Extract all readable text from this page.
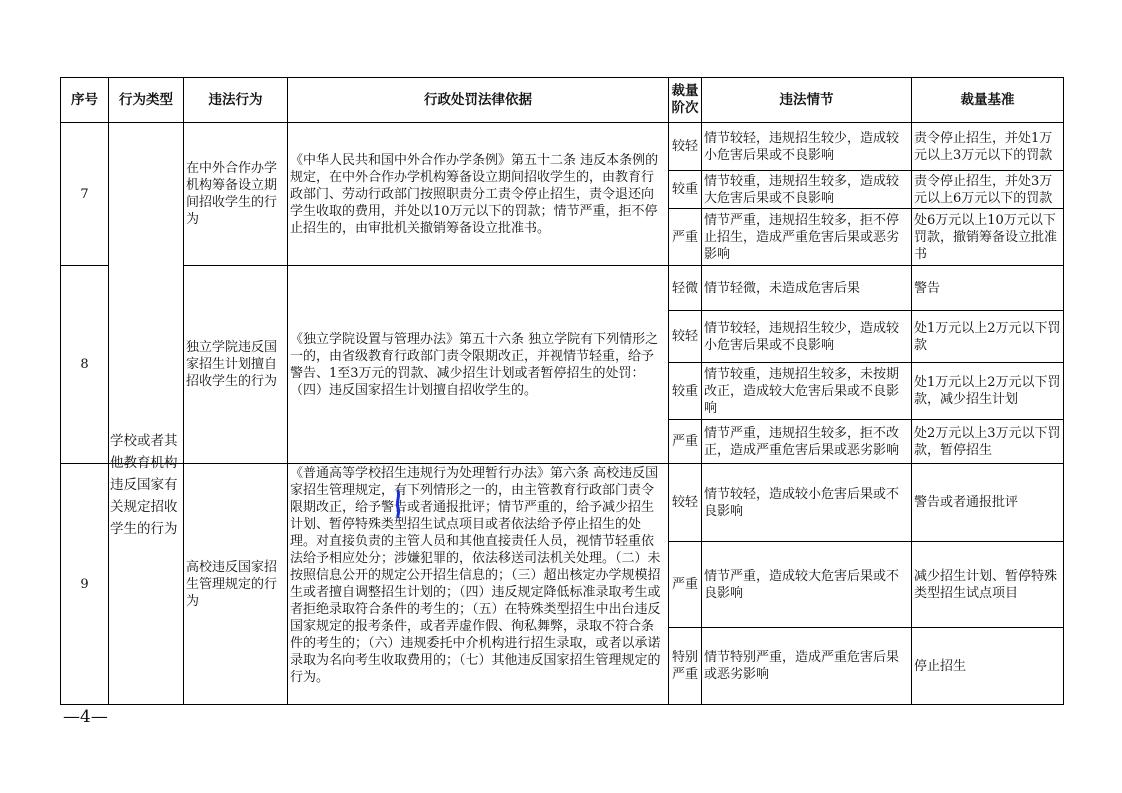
序号	行为类型	违法行为	行政处罚法律依据	裁量阶次	违法情节	裁量基准
7		在中外合作办学机构筹备设立期间招收学生的行为	《中华人民共和国中外合作办学条例》第五十二条 违反本条例的规定，在中外合作办学机构筹备设立期间招收学生的，由教育行政部门、劳动行政部门按照职责分工责令停止招生，责令退还向学生收取的费用，并处以10万元以下的罚款；情节严重，拒不停止招生的，由审批机关撤销筹备设立批准书。	较轻	情节较轻，违规招生较少，造成较小危害后果或不良影响	责令停止招生，并处1万元以上3万元以下的罚款
				较重	情节较重，违规招生较多，造成较大危害后果或不良影响	责令停止招生，并处3万元以上6万元以下的罚款
				严重	情节严重，违规招生较多，拒不停止招生，造成严重危害后果或恶劣影响	处6万元以上10万元以下罚款，撤销筹备设立批准书
8		独立学院违反国家招生计划擅自招收学生的行为	《独立学院设置与管理办法》第五十六条 独立学院有下列情形之一的，由省级教育行政部门责令限期改正，并视情节轻重，给予警告、1至3万元的罚款、减少招生计划或者暂停招生的处罚：（四）违反国家招生计划擅自招收学生的。	轻微	情节轻微，未造成危害后果	警告
				较轻	情节较轻，违规招生较少，造成较小危害后果或不良影响	处1万元以上2万元以下罚款
				较重	情节较重，违规招生较多，未按期改正，造成较大危害后果或不良影响	处1万元以上2万元以下罚款，减少招生计划
				严重	情节严重，违规招生较多，拒不改正，造成严重危害后果或恶劣影响	处2万元以上3万元以下罚款，暂停招生
9		高校违反国家招生管理规定的行为	《普通高等学校招生违规行为处理暂行办法》第六条 高校违反国家招生管理规定，有下列情形之一的，由主管教育行政部门责令限期改正，给予警告或者通报批评；情节严重的，给予减少招生计划、暂停特殊类型招生试点项目或者依法给予停止招生的处理。对直接负责的主管人员和其他直接责任人员，视情节轻重依法给予相应处分；涉嫌犯罪的，依法移送司法机关处理。（二）未按照信息公开的规定公开招生信息的；（三）超出核定办学规模招生或者擅自调整招生计划的；（四）违反规定降低标准录取考生或者拒绝录取符合条件的考生的；（五）在特殊类型招生中出台违反国家规定的报考条件，或者弄虚作假、徇私舞弊，录取不符合条件的考生的；（六）违规委托中介机构进行招生录取，或者以承诺录取为名向考生收取费用的；（七）其他违反国家招生管理规定的行为。	较轻	情节较轻，造成较小危害后果或不良影响	警告或者通报批评
				严重	情节严重，造成较大危害后果或不良影响	减少招生计划、暂停特殊类型招生试点项目
				特别严重	情节特别严重，造成严重危害后果或恶劣影响	停止招生
学校或者其他教育机构违反国家有关规定招收学生的行为
—4—
